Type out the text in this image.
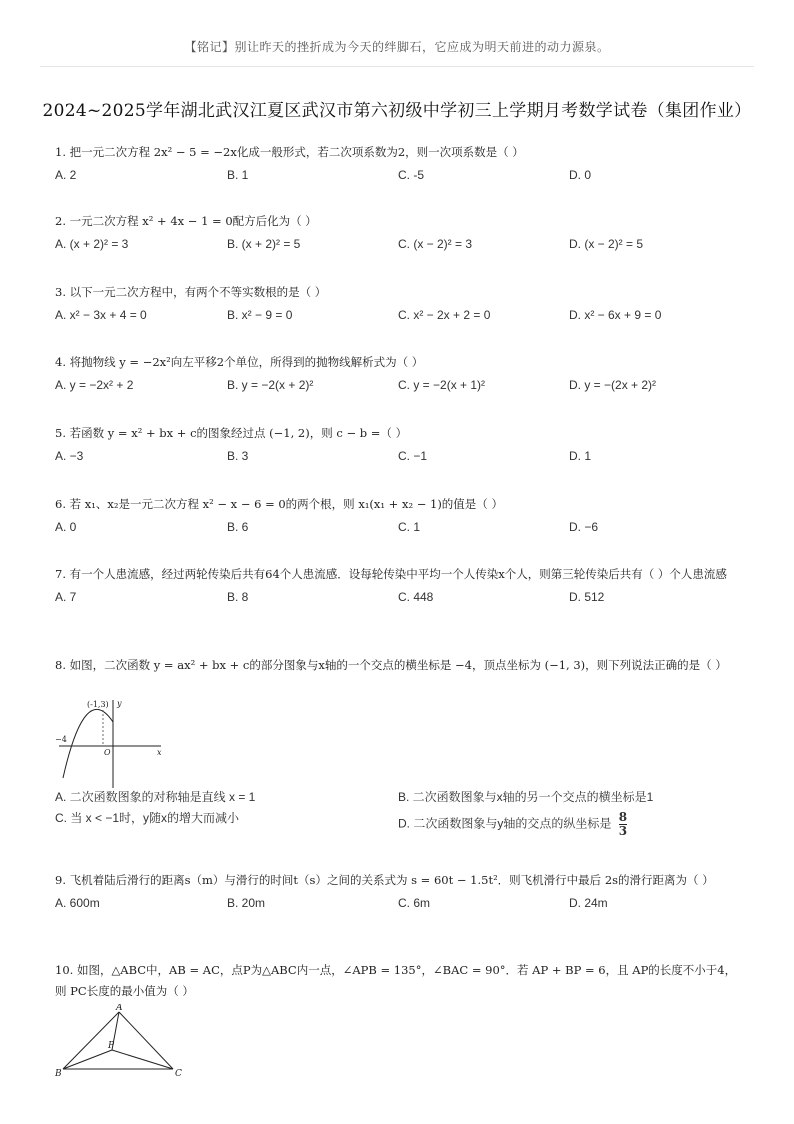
【铭记】别让昨天的挫折成为今天的绊脚石，它应成为明天前进的动力源泉。
2024~2025学年湖北武汉江夏区武汉市第六初级中学初三上学期月考数学试卷（集团作业）
1. 把一元二次方程 2x² − 5 = −2x化成一般形式，若二次项系数为2，则一次项系数是（ ）
A. 2	B. 1	C. -5	D. 0
2. 一元二次方程 x² + 4x − 1 = 0配方后化为（ ）
A. (x + 2)² = 3	B. (x + 2)² = 5	C. (x − 2)² = 3	D. (x − 2)² = 5
3. 以下一元二次方程中，有两个不等实数根的是（ ）
A. x² − 3x + 4 = 0	B. x² − 9 = 0	C. x² − 2x + 2 = 0	D. x² − 6x + 9 = 0
4. 将抛物线 y = −2x²向左平移2个单位，所得到的抛物线解析式为（ ）
A. y = −2x² + 2	B. y = −2(x + 2)²	C. y = −2(x + 1)²	D. y = −(2x + 2)²
5. 若函数 y = x² + bx + c的图象经过点 (−1, 2)，则 c − b =（ ）
A. −3	B. 3	C. −1	D. 1
6. 若 x₁、x₂是一元二次方程 x² − x − 6 = 0的两个根，则 x₁(x₁ + x₂ − 1)的值是（ ）
A. 0	B. 6	C. 1	D. −6
7. 有一个人患流感，经过两轮传染后共有64个人患流感．设每轮传染中平均一个人传染x个人，则第三轮传染后共有（ ）个人患流感
A. 7	B. 8	C. 448	D. 512
8. 如图，二次函数 y = ax² + bx + c的部分图象与x轴的一个交点的横坐标是 −4，顶点坐标为 (−1, 3)，则下列说法正确的是（ ）
(-1,3) y
x
−4
O
A. 二次函数图象的对称轴是直线 x = 1	B. 二次函数图象与x轴的另一个交点的横坐标是1
C. 当 x < −1时，y随x的增大而减小	D. 二次函数图象与y轴的交点的纵坐标是 $\frac{8}{3}$
9. 飞机着陆后滑行的距离s（m）与滑行的时间t（s）之间的关系式为 s = 60t − 1.5t²．则飞机滑行中最后 2s的滑行距离为（ ）
A. 600m	B. 20m	C. 6m	D. 24m
10. 如图，△ABC中，AB = AC，点P为△ABC内一点，∠APB = 135°，∠BAC = 90°．若 AP + BP = 6，且 AP的长度不小于4，则 PC长度的最小值为（ ）
A
B	C
P
